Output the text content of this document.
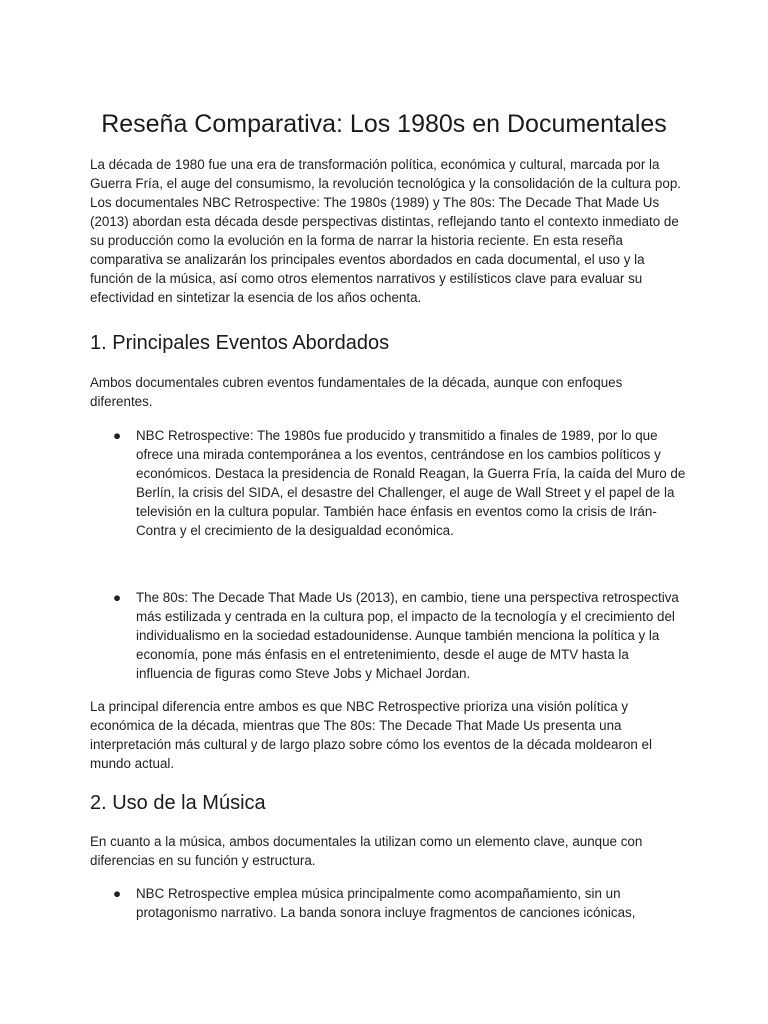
Reseña Comparativa: Los 1980s en Documentales

La década de 1980 fue una era de transformación política, económica y cultural, marcada por la Guerra Fría, el auge del consumismo, la revolución tecnológica y la consolidación de la cultura pop. Los documentales NBC Retrospective: The 1980s (1989) y The 80s: The Decade That Made Us (2013) abordan esta década desde perspectivas distintas, reflejando tanto el contexto inmediato de su producción como la evolución en la forma de narrar la historia reciente. En esta reseña comparativa se analizarán los principales eventos abordados en cada documental, el uso y la función de la música, así como otros elementos narrativos y estilísticos clave para evaluar su efectividad en sintetizar la esencia de los años ochenta.

1. Principales Eventos Abordados

Ambos documentales cubren eventos fundamentales de la década, aunque con enfoques diferentes.

● NBC Retrospective: The 1980s fue producido y transmitido a finales de 1989, por lo que ofrece una mirada contemporánea a los eventos, centrándose en los cambios políticos y económicos. Destaca la presidencia de Ronald Reagan, la Guerra Fría, la caída del Muro de Berlín, la crisis del SIDA, el desastre del Challenger, el auge de Wall Street y el papel de la televisión en la cultura popular. También hace énfasis en eventos como la crisis de Irán-Contra y el crecimiento de la desigualdad económica.

● The 80s: The Decade That Made Us (2013), en cambio, tiene una perspectiva retrospectiva más estilizada y centrada en la cultura pop, el impacto de la tecnología y el crecimiento del individualismo en la sociedad estadounidense. Aunque también menciona la política y la economía, pone más énfasis en el entretenimiento, desde el auge de MTV hasta la influencia de figuras como Steve Jobs y Michael Jordan.

La principal diferencia entre ambos es que NBC Retrospective prioriza una visión política y económica de la década, mientras que The 80s: The Decade That Made Us presenta una interpretación más cultural y de largo plazo sobre cómo los eventos de la década moldearon el mundo actual.

2. Uso de la Música

En cuanto a la música, ambos documentales la utilizan como un elemento clave, aunque con diferencias en su función y estructura.

● NBC Retrospective emplea música principalmente como acompañamiento, sin un protagonismo narrativo. La banda sonora incluye fragmentos de canciones icónicas,
